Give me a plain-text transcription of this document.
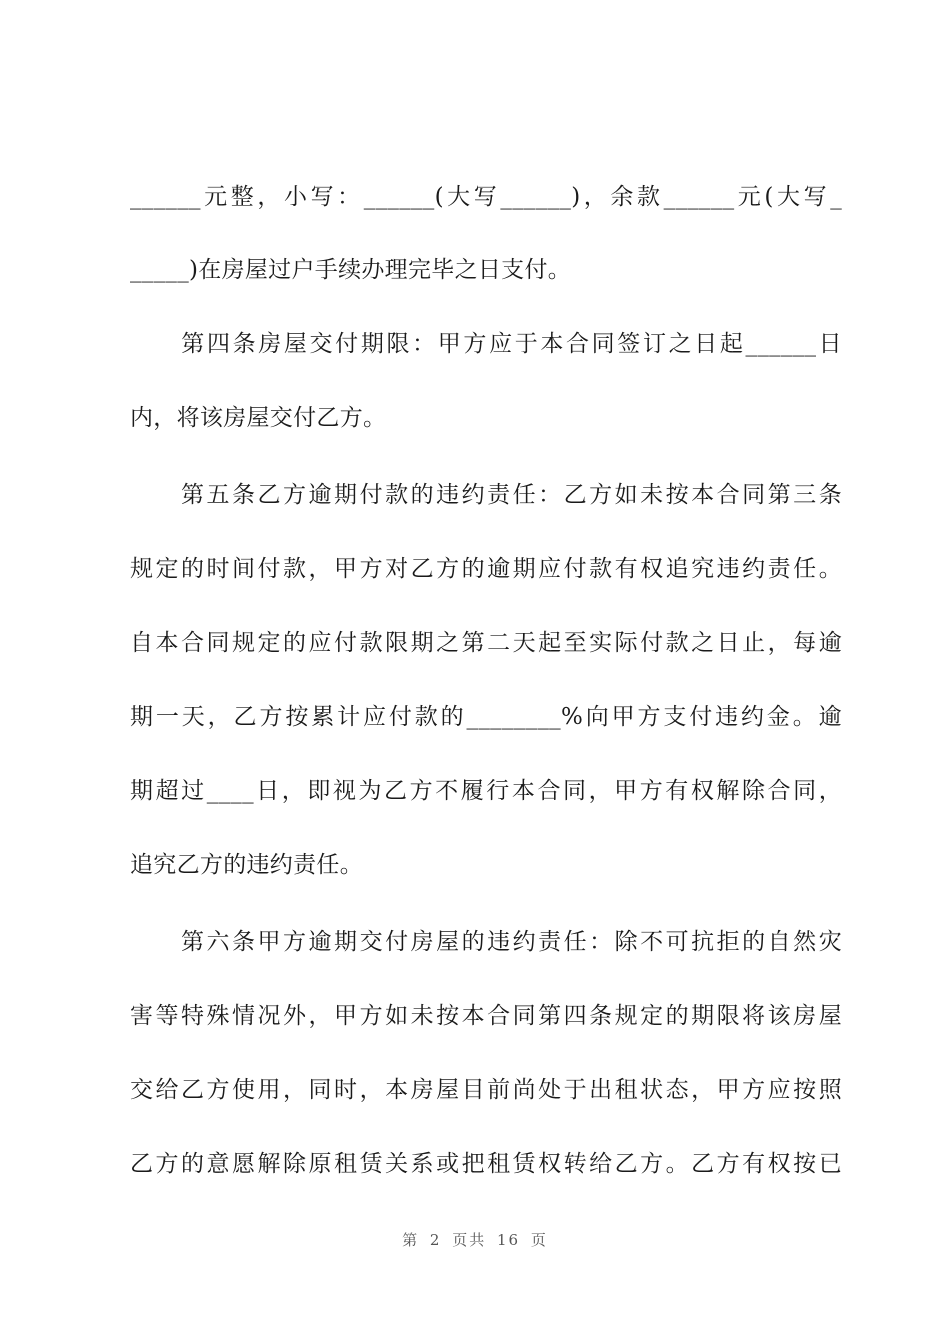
______元整，小写：______(大写______)，余款______元(大写_
_____)在房屋过户手续办理完毕之日支付。
　　第四条房屋交付期限：甲方应于本合同签订之日起______日
内，将该房屋交付乙方。
　　第五条乙方逾期付款的违约责任：乙方如未按本合同第三条
规定的时间付款，甲方对乙方的逾期应付款有权追究违约责任。
自本合同规定的应付款限期之第二天起至实际付款之日止，每逾
期一天，乙方按累计应付款的________%向甲方支付违约金。逾
期超过____日，即视为乙方不履行本合同，甲方有权解除合同，
追究乙方的违约责任。
　　第六条甲方逾期交付房屋的违约责任：除不可抗拒的自然灾
害等特殊情况外，甲方如未按本合同第四条规定的期限将该房屋
交给乙方使用，同时，本房屋目前尚处于出租状态，甲方应按照
乙方的意愿解除原租赁关系或把租赁权转给乙方。乙方有权按已
第 2 页共 16 页
